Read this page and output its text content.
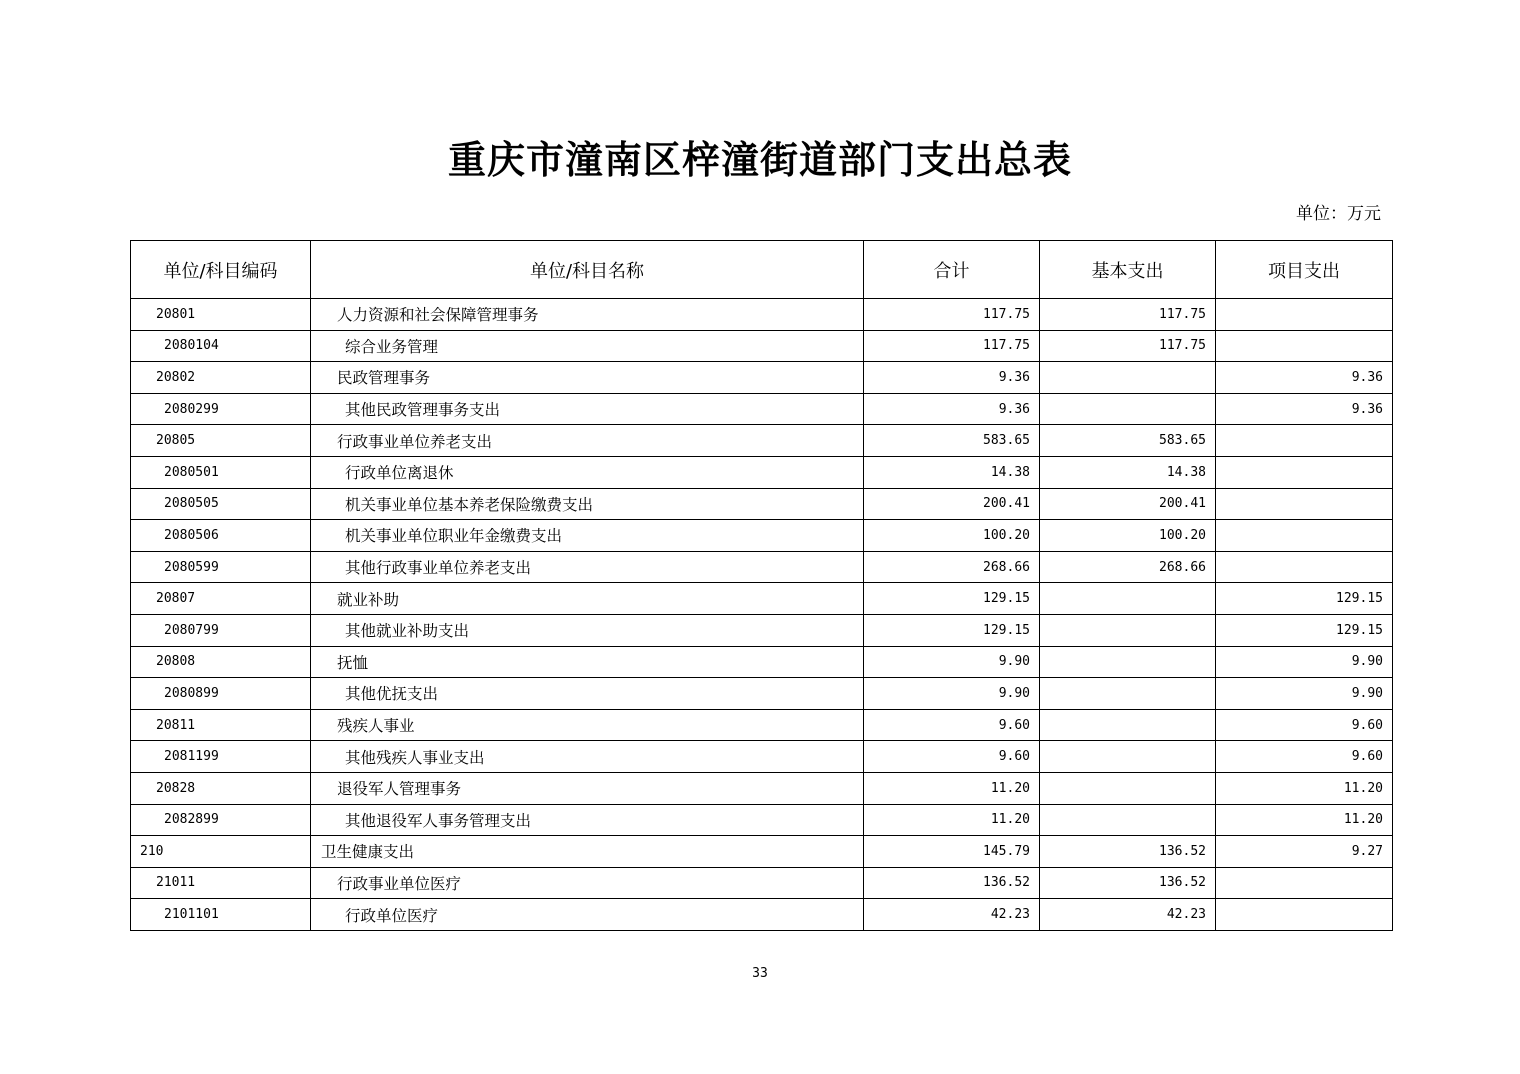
重庆市潼南区梓潼街道部门支出总表
单位：万元
单位/科目编码	单位/科目名称	合计	基本支出	项目支出
20801	人力资源和社会保障管理事务	117.75	117.75	
2080104	综合业务管理	117.75	117.75	
20802	民政管理事务	9.36		9.36
2080299	其他民政管理事务支出	9.36		9.36
20805	行政事业单位养老支出	583.65	583.65	
2080501	行政单位离退休	14.38	14.38	
2080505	机关事业单位基本养老保险缴费支出	200.41	200.41	
2080506	机关事业单位职业年金缴费支出	100.20	100.20	
2080599	其他行政事业单位养老支出	268.66	268.66	
20807	就业补助	129.15		129.15
2080799	其他就业补助支出	129.15		129.15
20808	抚恤	9.90		9.90
2080899	其他优抚支出	9.90		9.90
20811	残疾人事业	9.60		9.60
2081199	其他残疾人事业支出	9.60		9.60
20828	退役军人管理事务	11.20		11.20
2082899	其他退役军人事务管理支出	11.20		11.20
210	卫生健康支出	145.79	136.52	9.27
21011	行政事业单位医疗	136.52	136.52	
2101101	行政单位医疗	42.23	42.23	
33
